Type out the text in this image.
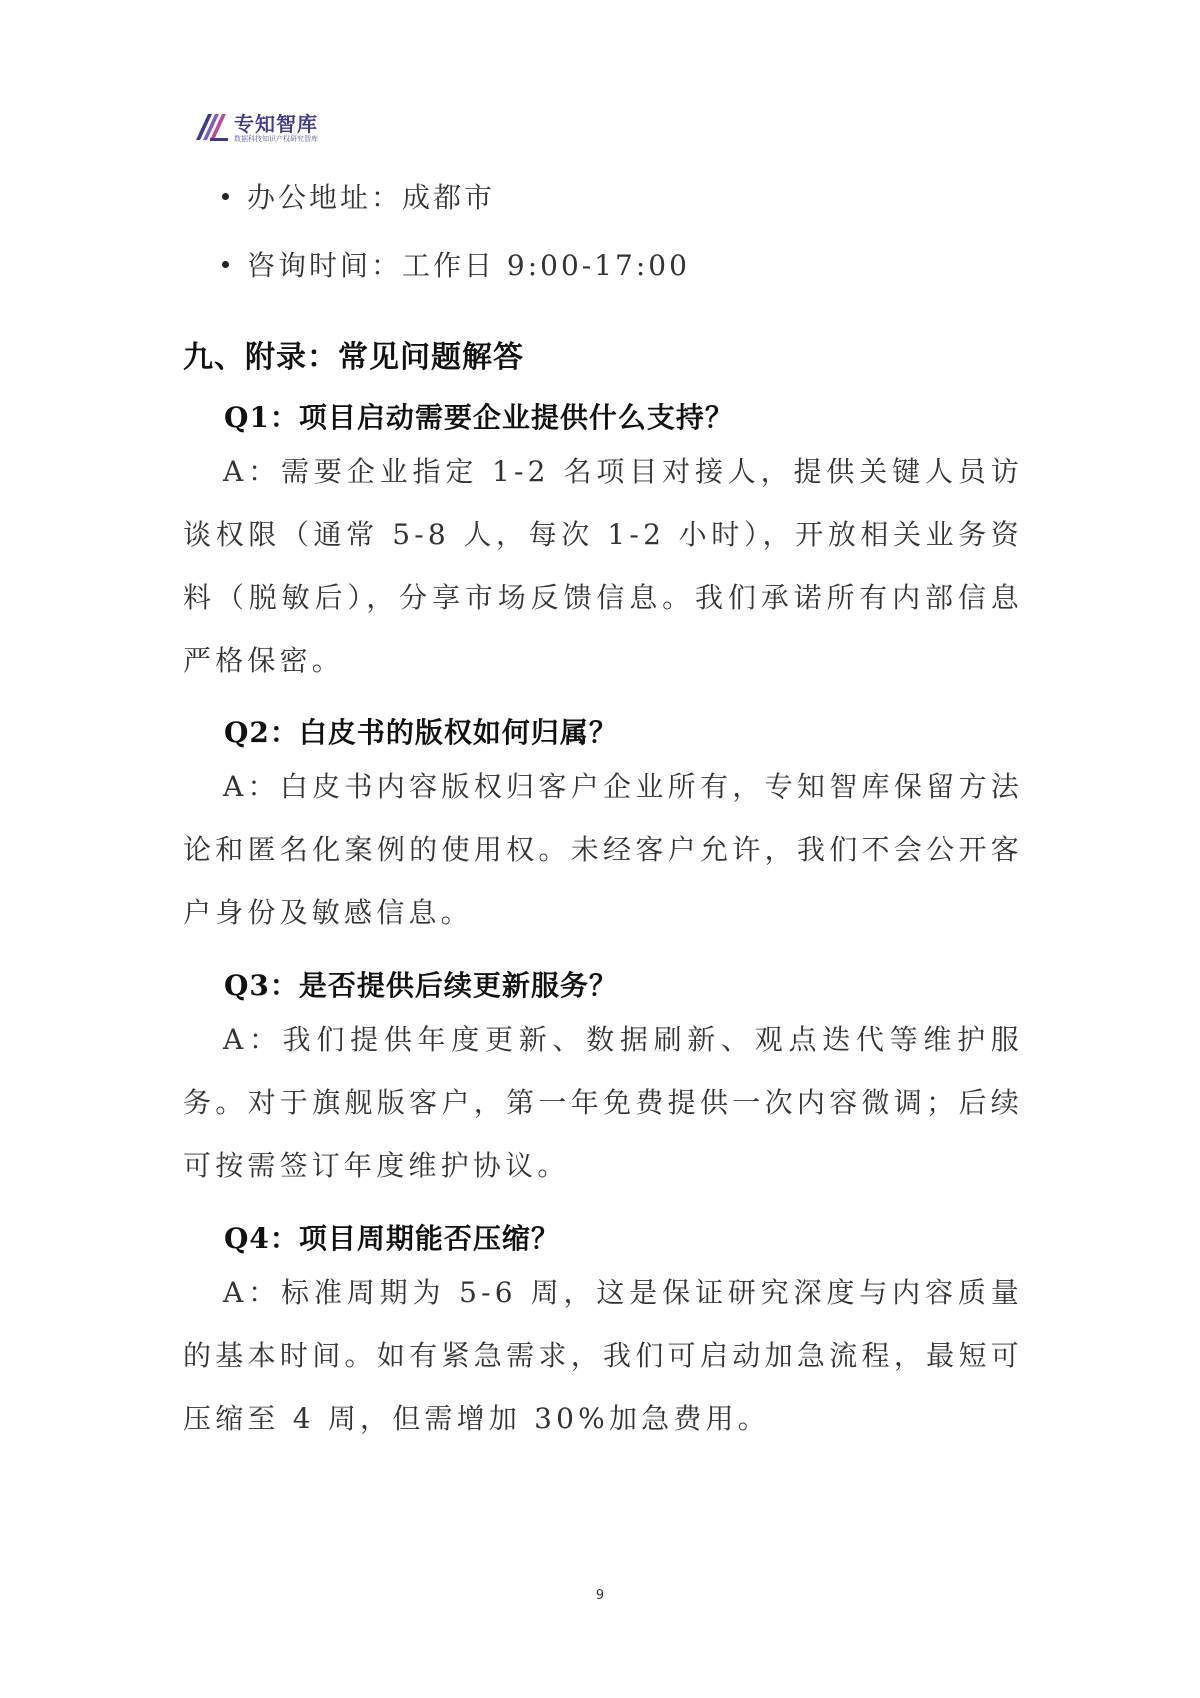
专知智库
数据科技知识产权研究智库
办公地址：成都市
咨询时间：工作日 9:00-17:00
九、附录：常见问题解答
Q1：项目启动需要企业提供什么支持？

A：需要企业指定 1-2 名项目对接人，提供关键人员访谈权限（通常 5-8 人，每次 1-2 小时），开放相关业务资料（脱敏后），分享市场反馈信息。我们承诺所有内部信息严格保密。

Q2：白皮书的版权如何归属？

A：白皮书内容版权归客户企业所有，专知智库保留方法论和匿名化案例的使用权。未经客户允许，我们不会公开客户身份及敏感信息。

Q3：是否提供后续更新服务？

A：我们提供年度更新、数据刷新、观点迭代等维护服务。对于旗舰版客户，第一年免费提供一次内容微调；后续可按需签订年度维护协议。

Q4：项目周期能否压缩？

A：标准周期为 5-6 周，这是保证研究深度与内容质量的基本时间。如有紧急需求，我们可启动加急流程，最短可压缩至 4 周，但需增加 30%加急费用。

9
